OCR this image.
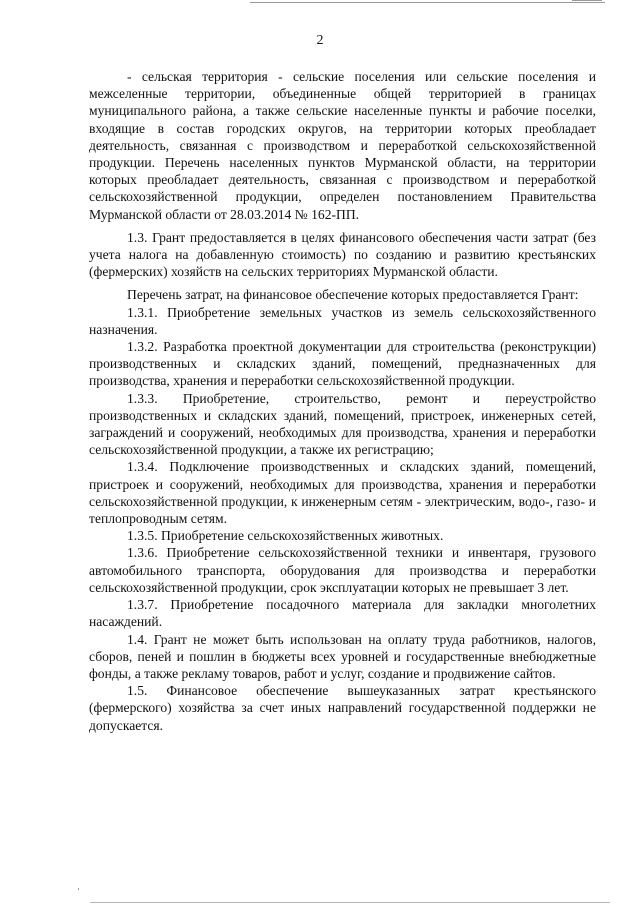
2

- сельская территория - сельские поселения или сельские поселения и межселенные территории, объединенные общей территорией в границах муниципального района, а также сельские населенные пункты и рабочие поселки, входящие в состав городских округов, на территории которых преобладает деятельность, связанная с производством и переработкой сельскохозяйственной продукции. Перечень населенных пунктов Мурманской области, на территории которых преобладает деятельность, связанная с производством и переработкой сельскохозяйственной продукции, определен постановлением Правительства Мурманской области от 28.03.2014 № 162-ПП.

1.3. Грант предоставляется в целях финансового обеспечения части затрат (без учета налога на добавленную стоимость) по созданию и развитию крестьянских (фермерских) хозяйств на сельских территориях Мурманской области.

Перечень затрат, на финансовое обеспечение которых предоставляется Грант:

1.3.1. Приобретение земельных участков из земель сельскохозяйственного назначения.

1.3.2. Разработка проектной документации для строительства (реконструкции) производственных и складских зданий, помещений, предназначенных для производства, хранения и переработки сельскохозяйственной продукции.

1.3.3. Приобретение, строительство, ремонт и переустройство производственных и складских зданий, помещений, пристроек, инженерных сетей, заграждений и сооружений, необходимых для производства, хранения и переработки сельскохозяйственной продукции, а также их регистрацию;

1.3.4. Подключение производственных и складских зданий, помещений, пристроек и сооружений, необходимых для производства, хранения и переработки сельскохозяйственной продукции, к инженерным сетям - электрическим, водо-, газо- и теплопроводным сетям.

1.3.5. Приобретение сельскохозяйственных животных.

1.3.6. Приобретение сельскохозяйственной техники и инвентаря, грузового автомобильного транспорта, оборудования для производства и переработки сельскохозяйственной продукции, срок эксплуатации которых не превышает 3 лет.

1.3.7. Приобретение посадочного материала для закладки многолетних насаждений.

1.4. Грант не может быть использован на оплату труда работников, налогов, сборов, пеней и пошлин в бюджеты всех уровней и государственные внебюджетные фонды, а также рекламу товаров, работ и услуг, создание и продвижение сайтов.

1.5. Финансовое обеспечение вышеуказанных затрат крестьянского (фермерского) хозяйства за счет иных направлений государственной поддержки не допускается.
